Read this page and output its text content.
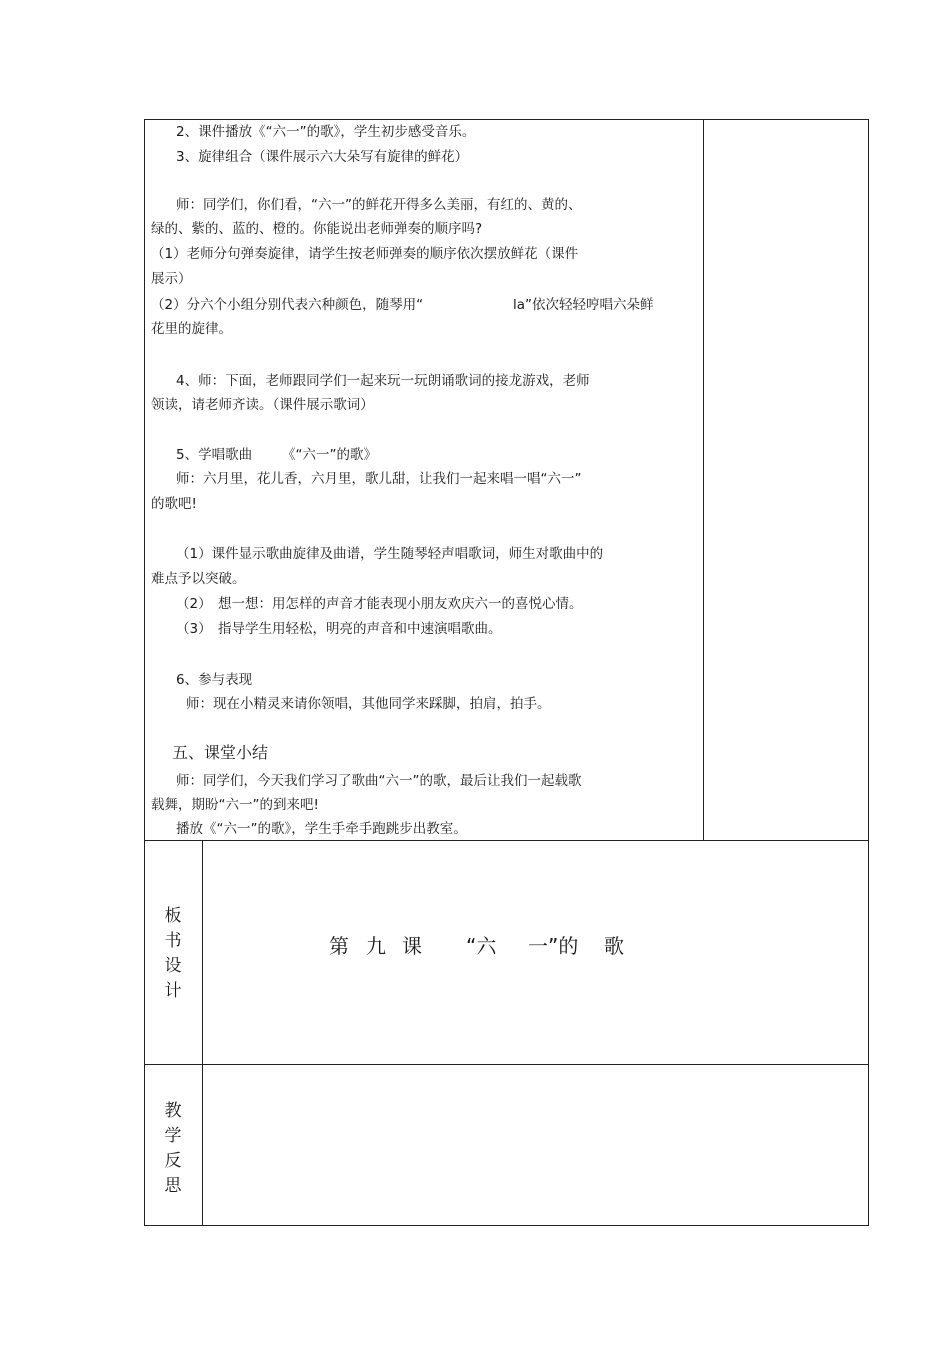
2、课件播放《“六一”的歌》，学生初步感受音乐。
3、旋律组合（课件展示六大朵写有旋律的鲜花）
师：同学们，你们看，“六一”的鲜花开得多么美丽，有红的、黄的、
绿的、紫的、蓝的、橙的。你能说出老师弹奏的顺序吗?
（1）老师分句弹奏旋律，请学生按老师弹奏的顺序依次摆放鲜花（课件
展示）
（2）分六个小组分别代表六种颜色，随琴用“	la”依次轻轻哼唱六朵鲜
花里的旋律。
4、师：下面，老师跟同学们一起来玩一玩朗诵歌词的接龙游戏，老师
领读，请老师齐读。（课件展示歌词）
5、学唱歌曲 《“六一”的歌》
师：六月里，花儿香，六月里，歌儿甜，让我们一起来唱一唱“六一”
的歌吧!
（1）课件显示歌曲旋律及曲谱，学生随琴轻声唱歌词，师生对歌曲中的
难点予以突破。
（2） 想一想：用怎样的声音才能表现小朋友欢庆六一的喜悦心情。
（3） 指导学生用轻松，明亮的声音和中速演唱歌曲。
6、参与表现
师：现在小精灵来请你领唱，其他同学来踩脚，拍肩，拍手。
五、课堂小结
师：同学们，今天我们学习了歌曲“六一”的歌，最后让我们一起载歌
载舞，期盼“六一”的到来吧!
播放《“六一”的歌》，学生手牵手跑跳步出教室。
板
书
设
计
第 九 课 “六 一”的 歌
教
学
反
思
